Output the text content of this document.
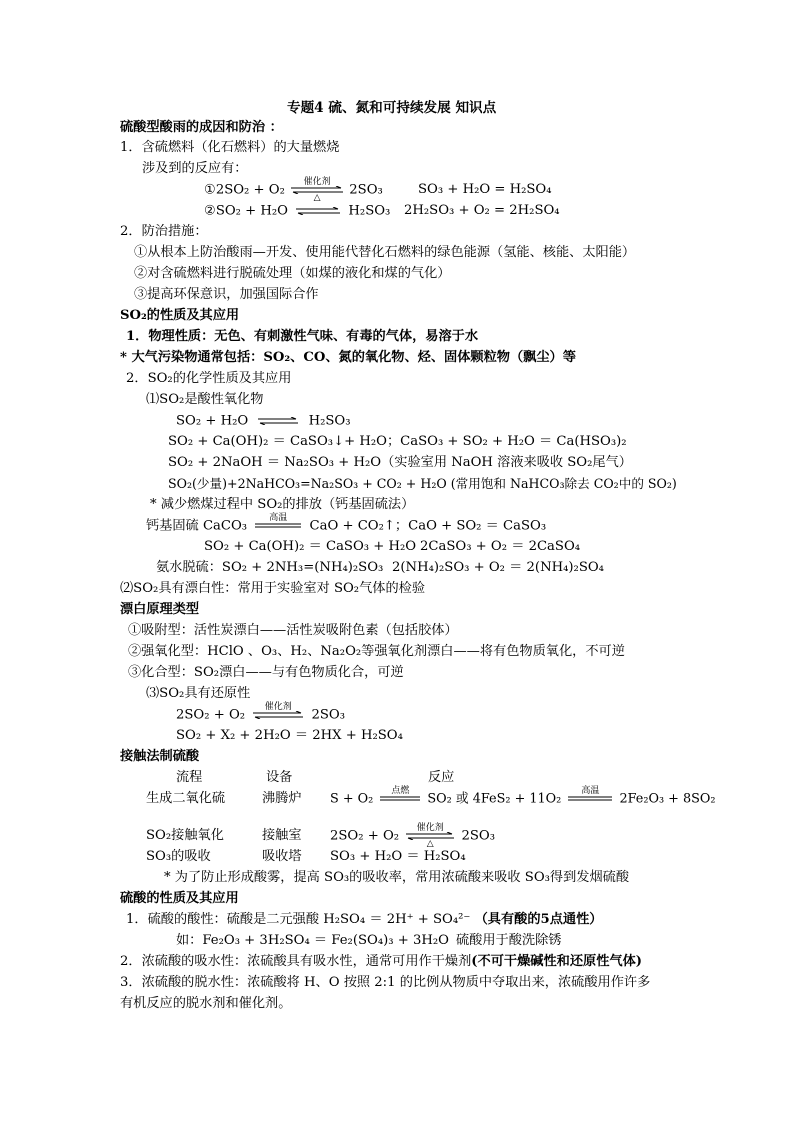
专题4 硫、氮和可持续发展 知识点
硫酸型酸雨的成因和防治 ：
1．含硫燃料（化石燃料）的大量燃烧
涉及到的反应有：
①2SO₂ + O₂
催化剂
△
2SO₃	SO₃ + H₂O = H₂SO₄
②SO₂ + H₂O ⇌ H₂SO₃ 2H₂SO₃ + O₂ = 2H₂SO₄
2．防治措施：
①从根本上防治酸雨—开发、使用能代替化石燃料的绿色能源（氢能、核能、太阳能）
②对含硫燃料进行脱硫处理（如煤的液化和煤的气化）
③提高环保意识，加强国际合作
SO₂的性质及其应用
1．物理性质：无色、有刺激性气味、有毒的气体，易溶于水
* 大气污染物通常包括：SO₂、CO、氮的氧化物、烃、固体颗粒物（飘尘）等
2．SO₂的化学性质及其应用
⑴SO₂是酸性氧化物
SO₂ + H₂O ⇌ H₂SO₃
SO₂ + Ca(OH)₂ ＝ CaSO₃↓+ H₂O；CaSO₃ + SO₂ + H₂O ＝ Ca(HSO₃)₂
SO₂ + 2NaOH ＝ Na₂SO₃ + H₂O（实验室用 NaOH 溶液来吸收 SO₂尾气）
SO₂(少量)+2NaHCO₃=Na₂SO₃ + CO₂ + H₂O (常用饱和 NaHCO₃除去 CO₂中的 SO₂)
* 减少燃煤过程中 SO₂的排放（钙基固硫法）
钙基固硫 CaCO₃
高温
CaO + CO₂↑；CaO + SO₂ ＝ CaSO₃
SO₂ + Ca(OH)₂ ＝ CaSO₃ + H₂O 2CaSO₃ + O₂ ＝ 2CaSO₄
氨水脱硫：SO₂ + 2NH₃=(NH₄)₂SO₃ 2(NH₄)₂SO₃ + O₂ ＝ 2(NH₄)₂SO₄
⑵SO₂具有漂白性：常用于实验室对 SO₂气体的检验
漂白原理类型
①吸附型：活性炭漂白——活性炭吸附色素（包括胶体）
②强氧化型：HClO 、O₃、H₂、Na₂O₂等强氧化剂漂白——将有色物质氧化，不可逆
③化合型：SO₂漂白——与有色物质化合，可逆
⑶SO₂具有还原性
2SO₂ + O₂
催化剂
2SO₃
SO₂ + X₂ + 2H₂O ＝ 2HX + H₂SO₄
接触法制硫酸
流程	设备	反应
生成二氧化硫	沸腾炉 S + O₂
点燃
SO₂ 或 4FeS₂ + 11O₂
高温
2Fe₂O₃ + 8SO₂
SO₂接触氧化	接触室 2SO₂ + O₂
催化剂
△
2SO₃
SO₃的吸收	吸收塔 SO₃ + H₂O ＝ H₂SO₄
* 为了防止形成酸雾，提高 SO₃的吸收率，常用浓硫酸来吸收 SO₃得到发烟硫酸
硫酸的性质及其应用
1．硫酸的酸性：硫酸是二元强酸 H₂SO₄ ＝ 2H⁺ + SO₄²⁻ （具有酸的5点通性）
如：Fe₂O₃ + 3H₂SO₄ ＝ Fe₂(SO₄)₃ + 3H₂O 硫酸用于酸洗除锈
2．浓硫酸的吸水性：浓硫酸具有吸水性，通常可用作干燥剂(不可干燥碱性和还原性气体)
3．浓硫酸的脱水性：浓硫酸将 H、O 按照 2:1 的比例从物质中夺取出来，浓硫酸用作许多
有机反应的脱水剂和催化剂。
